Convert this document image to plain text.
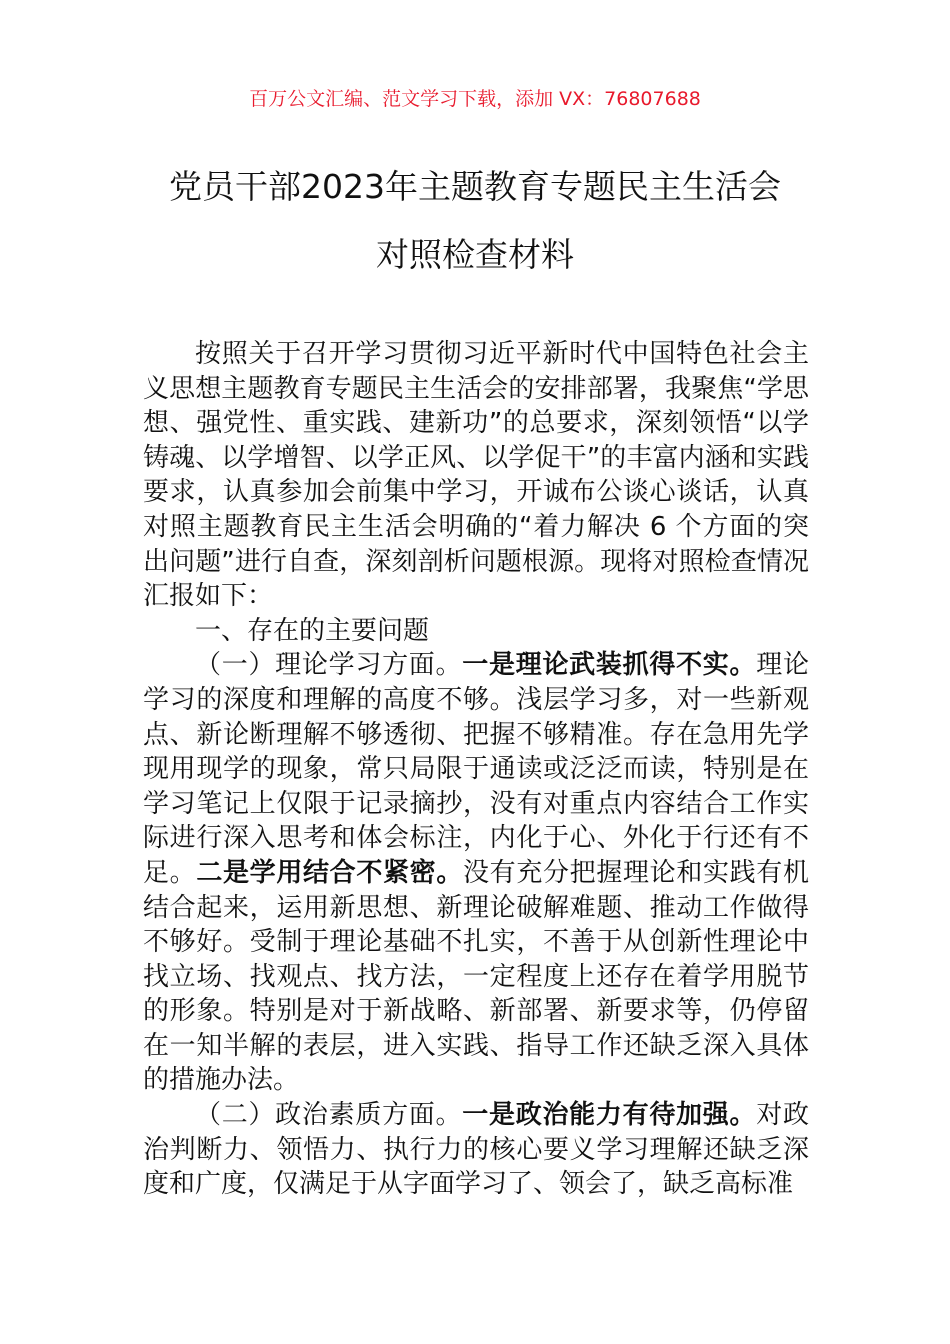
百万公文汇编、范文学习下载，添加 VX：76807688
党员干部2023年主题教育专题民主生活会
对照检查材料

按照关于召开学习贯彻习近平新时代中国特色社会主义思想主题教育专题民主生活会的安排部署，我聚焦“学思想、强党性、重实践、建新功”的总要求，深刻领悟“以学铸魂、以学增智、以学正风、以学促干”的丰富内涵和实践要求，认真参加会前集中学习，开诚布公谈心谈话，认真对照主题教育民主生活会明确的“着力解决 6 个方面的突出问题”进行自查，深刻剖析问题根源。现将对照检查情况汇报如下：

一、存在的主要问题

（一）理论学习方面。一是理论武装抓得不实。理论学习的深度和理解的高度不够。浅层学习多，对一些新观点、新论断理解不够透彻、把握不够精准。存在急用先学现用现学的现象，常只局限于通读或泛泛而读，特别是在学习笔记上仅限于记录摘抄，没有对重点内容结合工作实际进行深入思考和体会标注，内化于心、外化于行还有不足。二是学用结合不紧密。没有充分把握理论和实践有机结合起来，运用新思想、新理论破解难题、推动工作做得不够好。受制于理论基础不扎实，不善于从创新性理论中找立场、找观点、找方法，一定程度上还存在着学用脱节的形象。特别是对于新战略、新部署、新要求等，仍停留在一知半解的表层，进入实践、指导工作还缺乏深入具体的措施办法。

（二）政治素质方面。一是政治能力有待加强。对政治判断力、领悟力、执行力的核心要义学习理解还缺乏深度和广度，仅满足于从字面学习了、领会了，缺乏高标准
